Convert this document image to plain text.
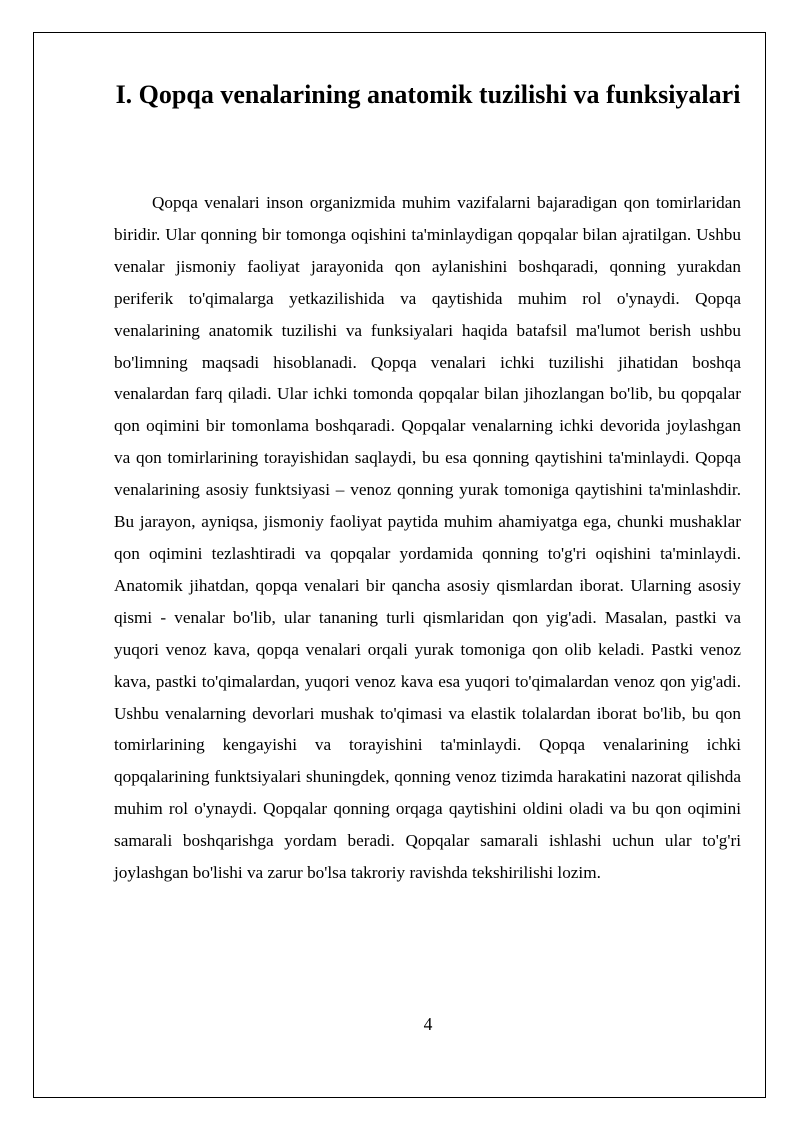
I. Qopqa venalarining anatomik tuzilishi va funksiyalari

Qopqa venalari inson organizmida muhim vazifalarni bajaradigan qon tomirlaridan biridir. Ular qonning bir tomonga oqishini ta'minlaydigan qopqalar bilan ajratilgan. Ushbu venalar jismoniy faoliyat jarayonida qon aylanishini boshqaradi, qonning yurakdan periferik to'qimalarga yetkazilishida va qaytishida muhim rol o'ynaydi. Qopqa venalarining anatomik tuzilishi va funksiyalari haqida batafsil ma'lumot berish ushbu bo'limning maqsadi hisoblanadi. Qopqa venalari ichki tuzilishi jihatidan boshqa venalardan farq qiladi. Ular ichki tomonda qopqalar bilan jihozlangan bo'lib, bu qopqalar qon oqimini bir tomonlama boshqaradi. Qopqalar venalarning ichki devorida joylashgan va qon tomirlarining torayishidan saqlaydi, bu esa qonning qaytishini ta'minlaydi. Qopqa venalarining asosiy funktsiyasi – venoz qonning yurak tomoniga qaytishini ta'minlashdir. Bu jarayon, ayniqsa, jismoniy faoliyat paytida muhim ahamiyatga ega, chunki mushaklar qon oqimini tezlashtiradi va qopqalar yordamida qonning to'g'ri oqishini ta'minlaydi. Anatomik jihatdan, qopqa venalari bir qancha asosiy qismlardan iborat. Ularning asosiy qismi - venalar bo'lib, ular tananing turli qismlaridan qon yig'adi. Masalan, pastki va yuqori venoz kava, qopqa venalari orqali yurak tomoniga qon olib keladi. Pastki venoz kava, pastki to'qimalardan, yuqori venoz kava esa yuqori to'qimalardan venoz qon yig'adi. Ushbu venalarning devorlari mushak to'qimasi va elastik tolalardan iborat bo'lib, bu qon tomirlarining kengayishi va torayishini ta'minlaydi. Qopqa venalarining ichki qopqalarining funktsiyalari shuningdek, qonning venoz tizimda harakatini nazorat qilishda muhim rol o'ynaydi. Qopqalar qonning orqaga qaytishini oldini oladi va bu qon oqimini samarali boshqarishga yordam beradi. Qopqalar samarali ishlashi uchun ular to'g'ri joylashgan bo'lishi va zarur bo'lsa takroriy ravishda tekshirilishi lozim.

4
